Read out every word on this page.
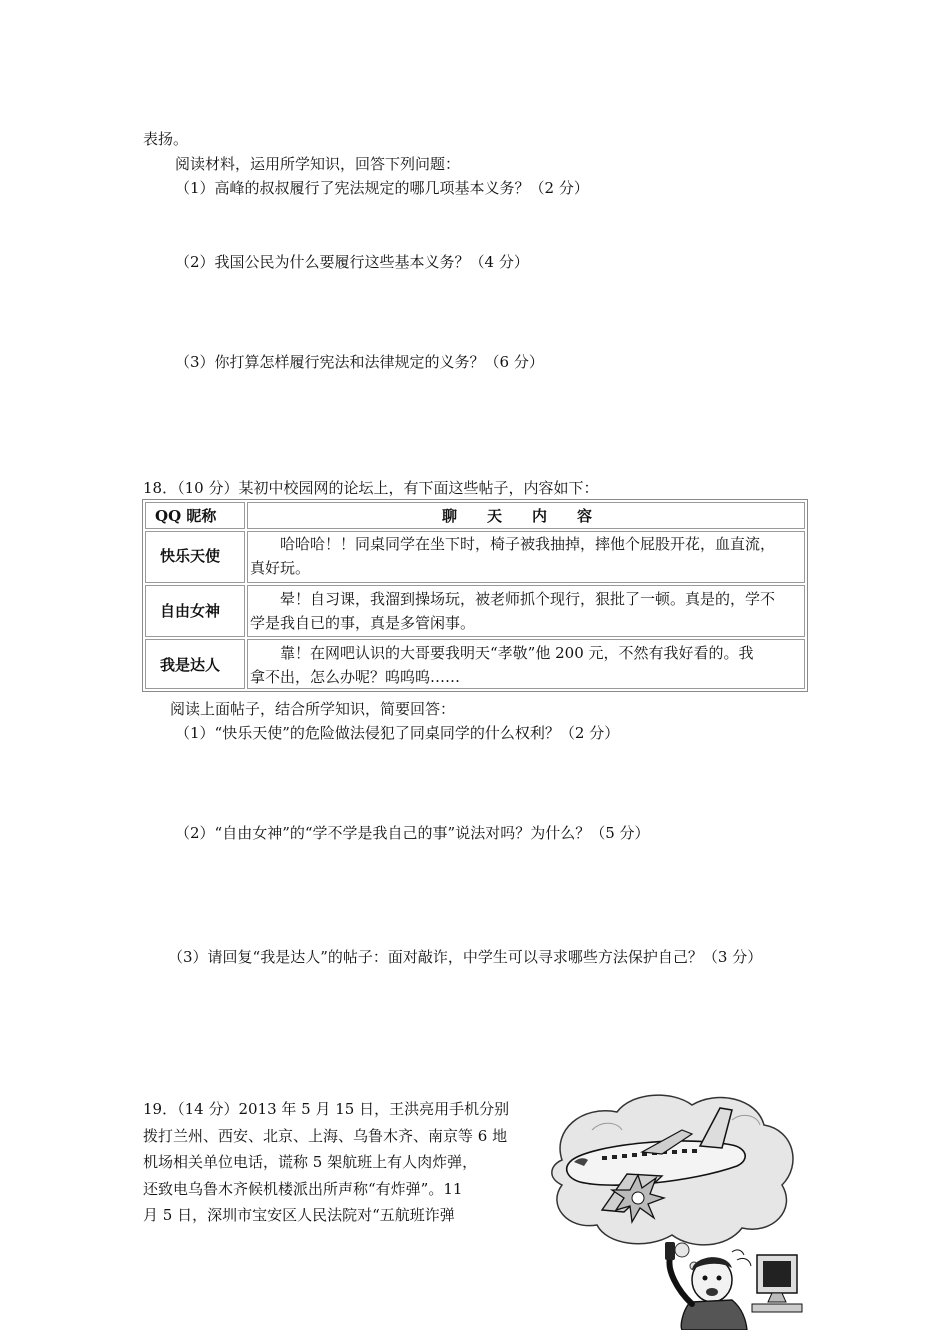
表扬。
阅读材料，运用所学知识，回答下列问题：
（1）高峰的叔叔履行了宪法规定的哪几项基本义务？（2 分）
（2）我国公民为什么要履行这些基本义务？（4 分）
（3）你打算怎样履行宪法和法律规定的义务？（6 分）
18．（10 分）某初中校园网的论坛上，有下面这些帖子，内容如下：
QQ 昵称	聊　　天　　内　　容
快乐天使
哈哈哈！！同桌同学在坐下时，椅子被我抽掉，摔他个屁股开花，血直流，
真好玩。
自由女神
晕！自习课，我溜到操场玩，被老师抓个现行，狠批了一顿。真是的，学不
学是我自已的事，真是多管闲事。
我是达人
靠！在网吧认识的大哥要我明天“孝敬”他 200 元，不然有我好看的。我
拿不出，怎么办呢？呜呜呜……
阅读上面帖子，结合所学知识，简要回答：
（1）“快乐天使”的危险做法侵犯了同桌同学的什么权利？（2 分）
（2）“自由女神”的“学不学是我自己的事”说法对吗？为什么？（5 分）
（3）请回复“我是达人”的帖子：面对敲诈，中学生可以寻求哪些方法保护自己？（3 分）
19．（14 分）2013 年 5 月 15 日，王洪亮用手机分别
拨打兰州、西安、北京、上海、乌鲁木齐、南京等 6 地
机场相关单位电话，谎称 5 架航班上有人肉炸弹，
还致电乌鲁木齐候机楼派出所声称“有炸弹”。11
月 5 日，深圳市宝安区人民法院对“五航班诈弹
